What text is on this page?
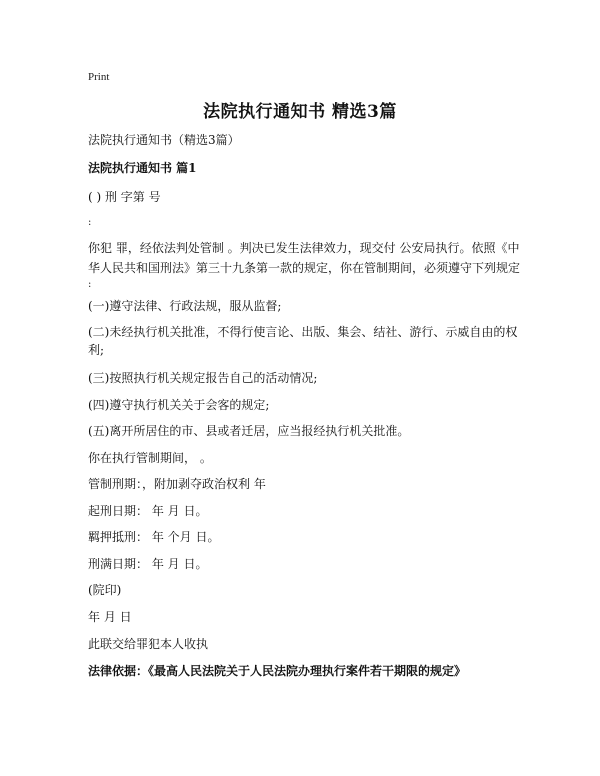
Print
法院执行通知书 精选3篇
法院执行通知书（精选3篇）
法院执行通知书 篇1
( ) 刑 字第 号
:
你犯 罪，经依法判处管制 。判决已发生法律效力，现交付 公安局执行。依照《中
华人民共和国刑法》第三十九条第一款的规定，你在管制期间，必须遵守下列规定
:
(一)遵守法律、行政法规，服从监督;
(二)未经执行机关批准，不得行使言论、出版、集会、结社、游行、示威自由的权
利;
(三)按照执行机关规定报告自己的活动情况;
(四)遵守执行机关关于会客的规定;
(五)离开所居住的市、县或者迁居，应当报经执行机关批准。
你在执行管制期间， 。
管制刑期：，附加剥夺政治权利 年
起刑日期： 年 月 日。
羁押抵刑： 年 个月 日。
刑满日期： 年 月 日。
(院印)
年 月 日
此联交给罪犯本人收执
法律依据：《最高人民法院关于人民法院办理执行案件若干期限的规定》
